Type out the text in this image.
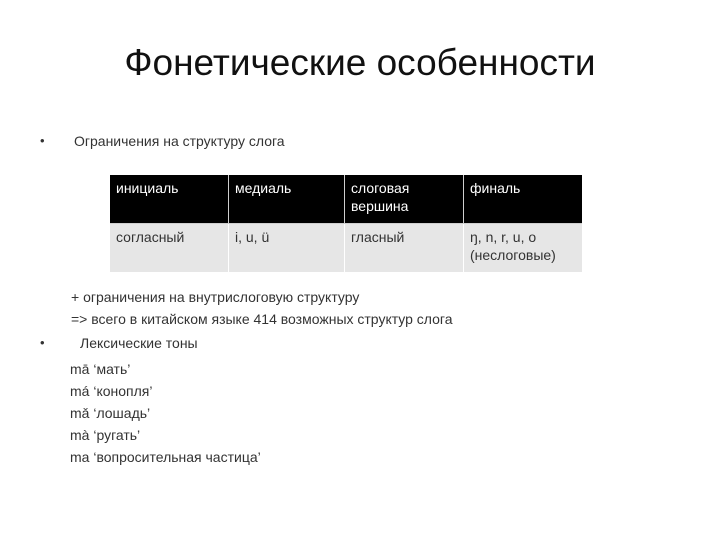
Фонетические особенности
• Ограничения на структуру слога
инициаль	медиаль	слоговая вершина	финаль
согласный	i, u, ü	гласный	ŋ, n, r, u, o (неслоговые)
+ ограничения на внутрислоговую структуру
=> всего в китайском языке 414 возможных структур слога
•	Лексические тоны
mā ‘мать’
má ‘конопля’
mǎ ‘лошадь’
mà ‘ругать’
ma ‘вопросительная частица’
